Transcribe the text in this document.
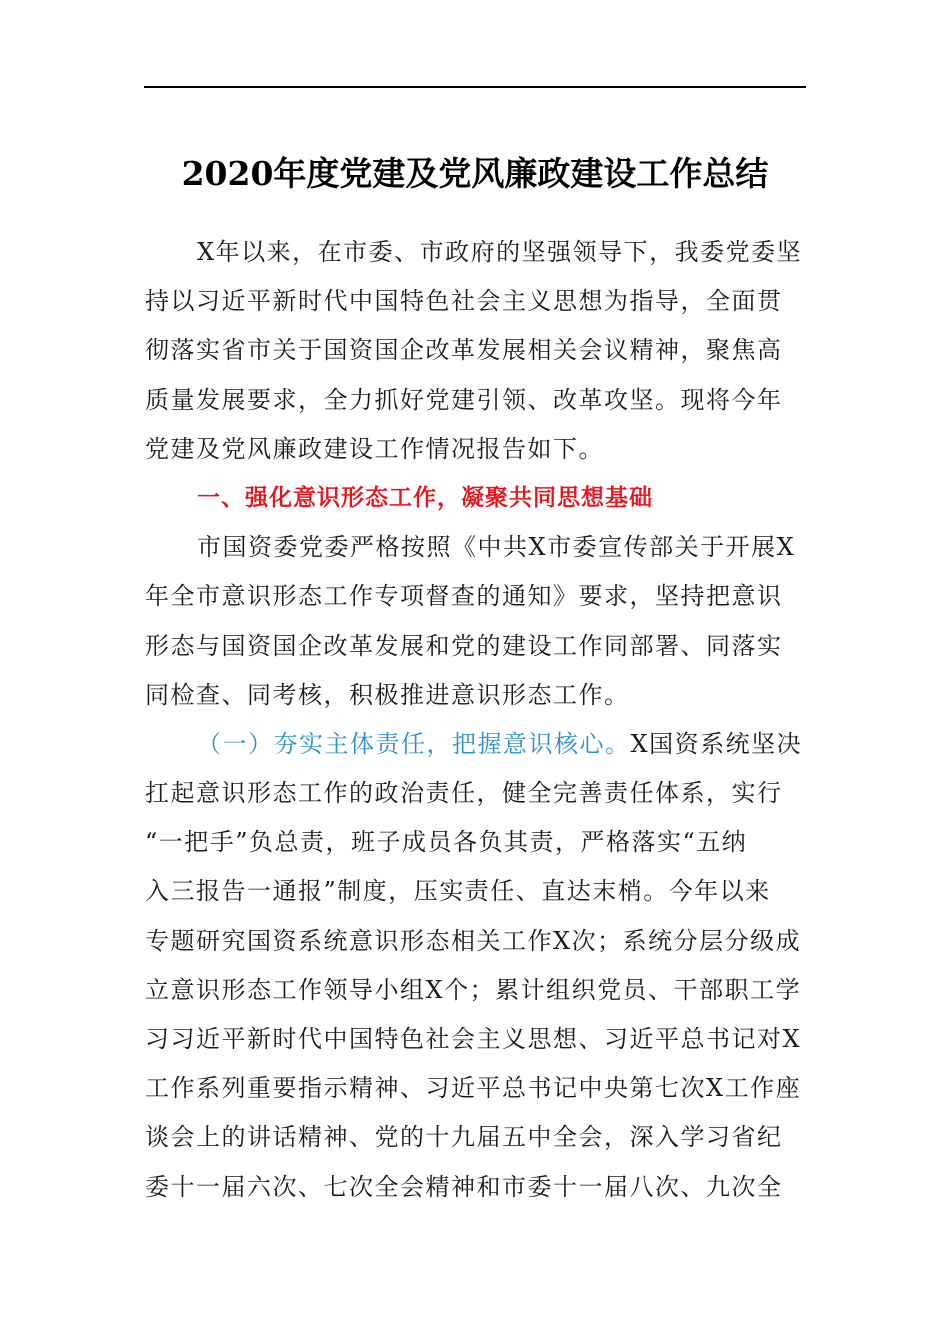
2020年度党建及党风廉政建设工作总结
X年以来，在市委、市政府的坚强领导下，我委党委坚
持以习近平新时代中国特色社会主义思想为指导，全面贯
彻落实省市关于国资国企改革发展相关会议精神，聚焦高
质量发展要求，全力抓好党建引领、改革攻坚。现将今年
党建及党风廉政建设工作情况报告如下。
一、强化意识形态工作，凝聚共同思想基础
市国资委党委严格按照《中共X市委宣传部关于开展X
年全市意识形态工作专项督查的通知》要求，坚持把意识
形态与国资国企改革发展和党的建设工作同部署、同落实
同检查、同考核，积极推进意识形态工作。
（一）夯实主体责任，把握意识核心。X国资系统坚决
扛起意识形态工作的政治责任，健全完善责任体系，实行
“一把手”负总责，班子成员各负其责，严格落实“五纳
入三报告一通报”制度，压实责任、直达末梢。今年以来
专题研究国资系统意识形态相关工作X次；系统分层分级成
立意识形态工作领导小组X个；累计组织党员、干部职工学
习习近平新时代中国特色社会主义思想、习近平总书记对X
工作系列重要指示精神、习近平总书记中央第七次X工作座
谈会上的讲话精神、党的十九届五中全会，深入学习省纪
委十一届六次、七次全会精神和市委十一届八次、九次全
